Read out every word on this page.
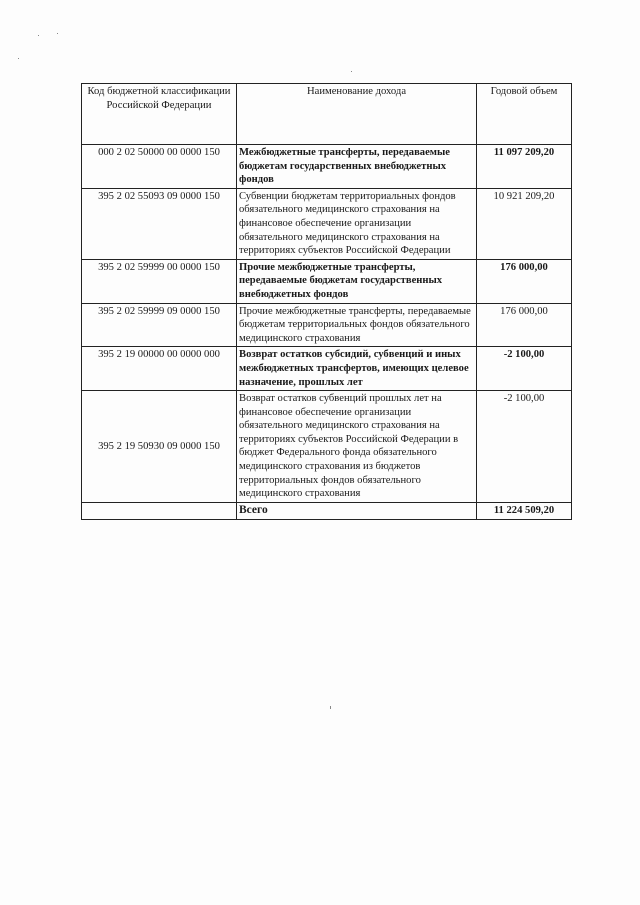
Код бюджетной классификации Российской Федерации	Наименование дохода	Годовой объем
000 2 02 50000 00 0000 150	Межбюджетные трансферты, передаваемые бюджетам государственных внебюджетных фондов	11 097 209,20
395 2 02 55093 09 0000 150	Субвенции бюджетам территориальных фондов обязательного медицинского страхования на финансовое обеспечение организации обязательного медицинского страхования на территориях субъектов Российской Федерации	10 921 209,20
395 2 02 59999 00 0000 150	Прочие межбюджетные трансферты, передаваемые бюджетам государственных внебюджетных фондов	176 000,00
395 2 02 59999 09 0000 150	Прочие межбюджетные трансферты, передаваемые бюджетам территориальных фондов обязательного медицинского страхования	176 000,00
395 2 19 00000 00 0000 000	Возврат остатков субсидий, субвенций и иных межбюджетных трансфертов, имеющих целевое назначение, прошлых лет	-2 100,00
395 2 19 50930 09 0000 150	Возврат остатков субвенций прошлых лет на финансовое обеспечение организации обязательного медицинского страхования на территориях субъектов Российской Федерации в бюджет Федерального фонда обязательного медицинского страхования из бюджетов территориальных фондов обязательного медицинского страхования	-2 100,00
	Всего	11 224 509,20
